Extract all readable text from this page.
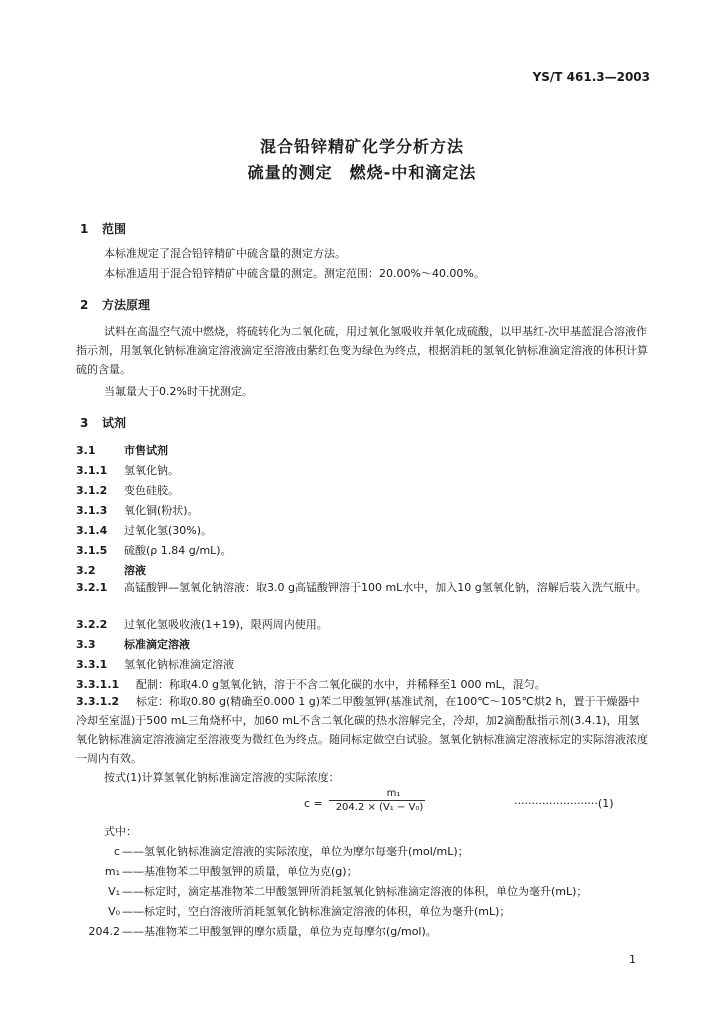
YS/T 461.3—2003
混合铅锌精矿化学分析方法
硫量的测定　燃烧-中和滴定法
1 范围
本标准规定了混合铅锌精矿中硫含量的测定方法。
本标准适用于混合铅锌精矿中硫含量的测定。测定范围：20.00%～40.00%。
2 方法原理
试料在高温空气流中燃烧，将硫转化为二氧化硫，用过氧化氢吸收并氧化成硫酸，以甲基红-次甲基蓝混合溶液作指示剂，用氢氧化钠标准滴定溶液滴定至溶液由紫红色变为绿色为终点，根据消耗的氢氧化钠标准滴定溶液的体积计算硫的含量。
当氟量大于0.2%时干扰测定。
3 试剂
3.1	市售试剂
3.1.1 氢氧化钠。
3.1.2 变色硅胶。
3.1.3 氧化铜(粉状)。
3.1.4 过氧化氢(30%)。
3.1.5 硫酸(ρ 1.84 g/mL)。
3.2	溶液
3.2.1 高锰酸钾—氢氧化钠溶液：取3.0 g高锰酸钾溶于100 mL水中，加入10 g氢氧化钠，溶解后装入洗气瓶中。
3.2.2 过氧化氢吸收液(1+19)，限两周内使用。
3.3	标准滴定溶液
3.3.1 氢氧化钠标准滴定溶液
3.3.1.1 配制：称取4.0 g氢氧化钠，溶于不含二氧化碳的水中，并稀释至1 000 mL，混匀。
3.3.1.2 标定：称取0.80 g(精确至0.000 1 g)苯二甲酸氢钾(基准试剂，在100℃～105℃烘2 h，置于干燥器中冷却至室温)于500 mL三角烧杯中，加60 mL不含二氧化碳的热水溶解完全，冷却，加2滴酚酞指示剂(3.4.1)，用氢氧化钠标准滴定溶液滴定至溶液变为微红色为终点。随同标定做空白试验。氢氧化钠标准滴定溶液标定的实际溶液浓度一周内有效。
按式(1)计算氢氧化钠标准滴定溶液的实际浓度：
c =
m₁
204.2 × (V₁ − V₀)	························(1)
式中：
c ——氢氧化钠标准滴定溶液的实际浓度，单位为摩尔每毫升(mol/mL)；
m₁ ——基准物苯二甲酸氢钾的质量，单位为克(g)；
V₁ ——标定时，滴定基准物苯二甲酸氢钾所消耗氢氧化钠标准滴定溶液的体积，单位为毫升(mL)；
V₀ ——标定时，空白溶液所消耗氢氧化钠标准滴定溶液的体积，单位为毫升(mL)；
204.2 ——基准物苯二甲酸氢钾的摩尔质量，单位为克每摩尔(g/mol)。
1
